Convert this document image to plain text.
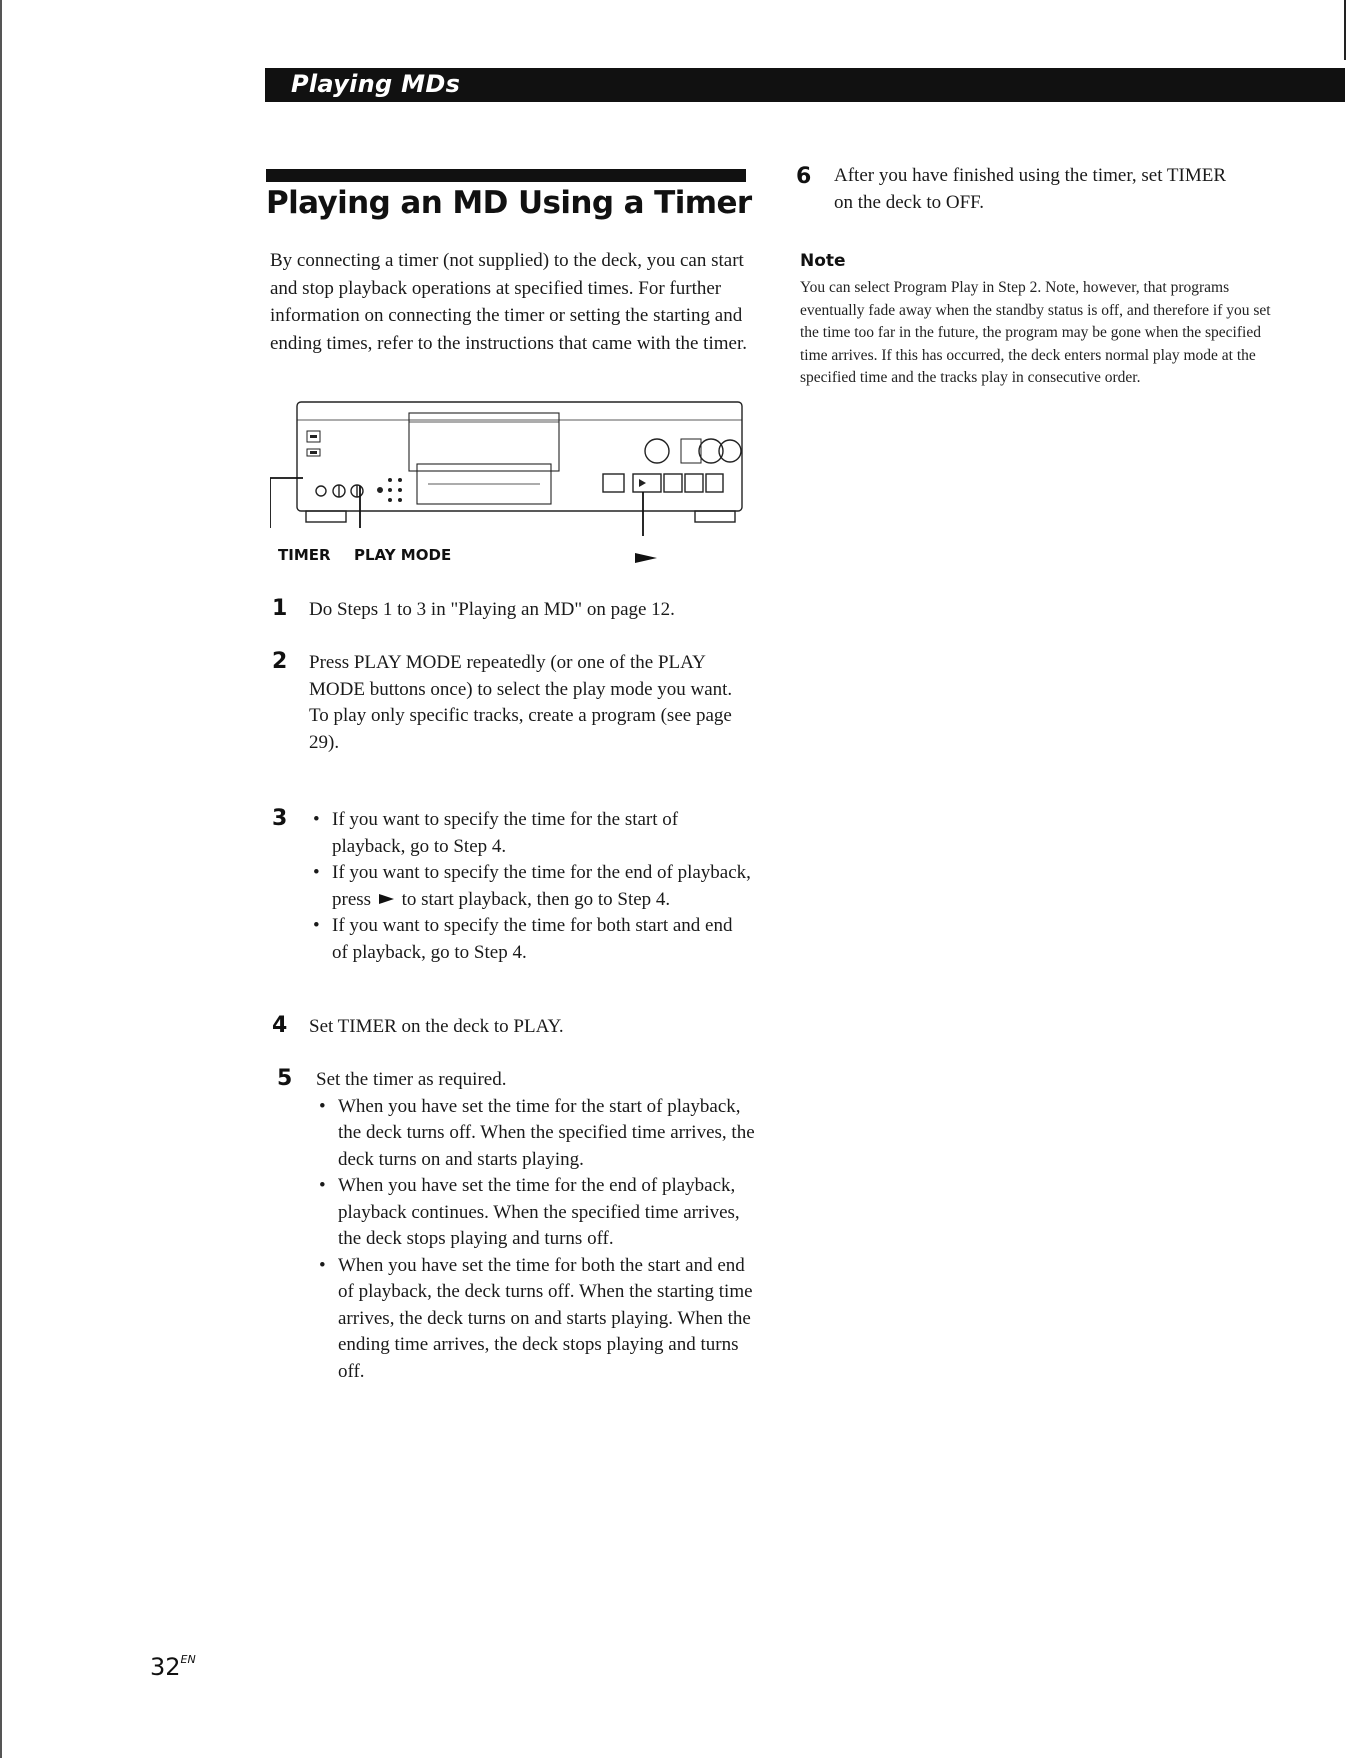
Playing MDs
Playing an MD Using a Timer

By connecting a timer (not supplied) to the deck, you can start and stop playback operations at specified times. For further information on connecting the timer or setting the starting and ending times, refer to the instructions that came with the timer.

TIMER PLAY MODE
1 Do Steps 1 to 3 in "Playing an MD" on page 12.

2 Press PLAY MODE repeatedly (or one of the PLAY MODE buttons once) to select the play mode you want.

To play only specific tracks, create a program (see page 29).

3
•	If you want to specify the time for the start of playback, go to Step 4.
• If you want to specify the time for the end of playback, press to start playback, then go to Step 4.
• If you want to specify the time for both start and end of playback, go to Step 4.
4 Set TIMER on the deck to PLAY.

5 Set the timer as required.

• When you have set the time for the start of playback, the deck turns off. When the specified time arrives, the deck turns on and starts playing.
• When you have set the time for the end of playback, playback continues. When the specified time arrives, the deck stops playing and turns off.
• When you have set the time for both the start and end of playback, the deck turns off. When the starting time arrives, the deck turns on and starts playing. When the ending time arrives, the deck stops playing and turns off.
6 After you have finished using the timer, set TIMER on the deck to OFF.

Note

You can select Program Play in Step 2. Note, however, that programs eventually fade away when the standby status is off, and therefore if you set the time too far in the future, the program may be gone when the specified time arrives. If this has occurred, the deck enters normal play mode at the specified time and the tracks play in consecutive order.

$32^{EN}$
